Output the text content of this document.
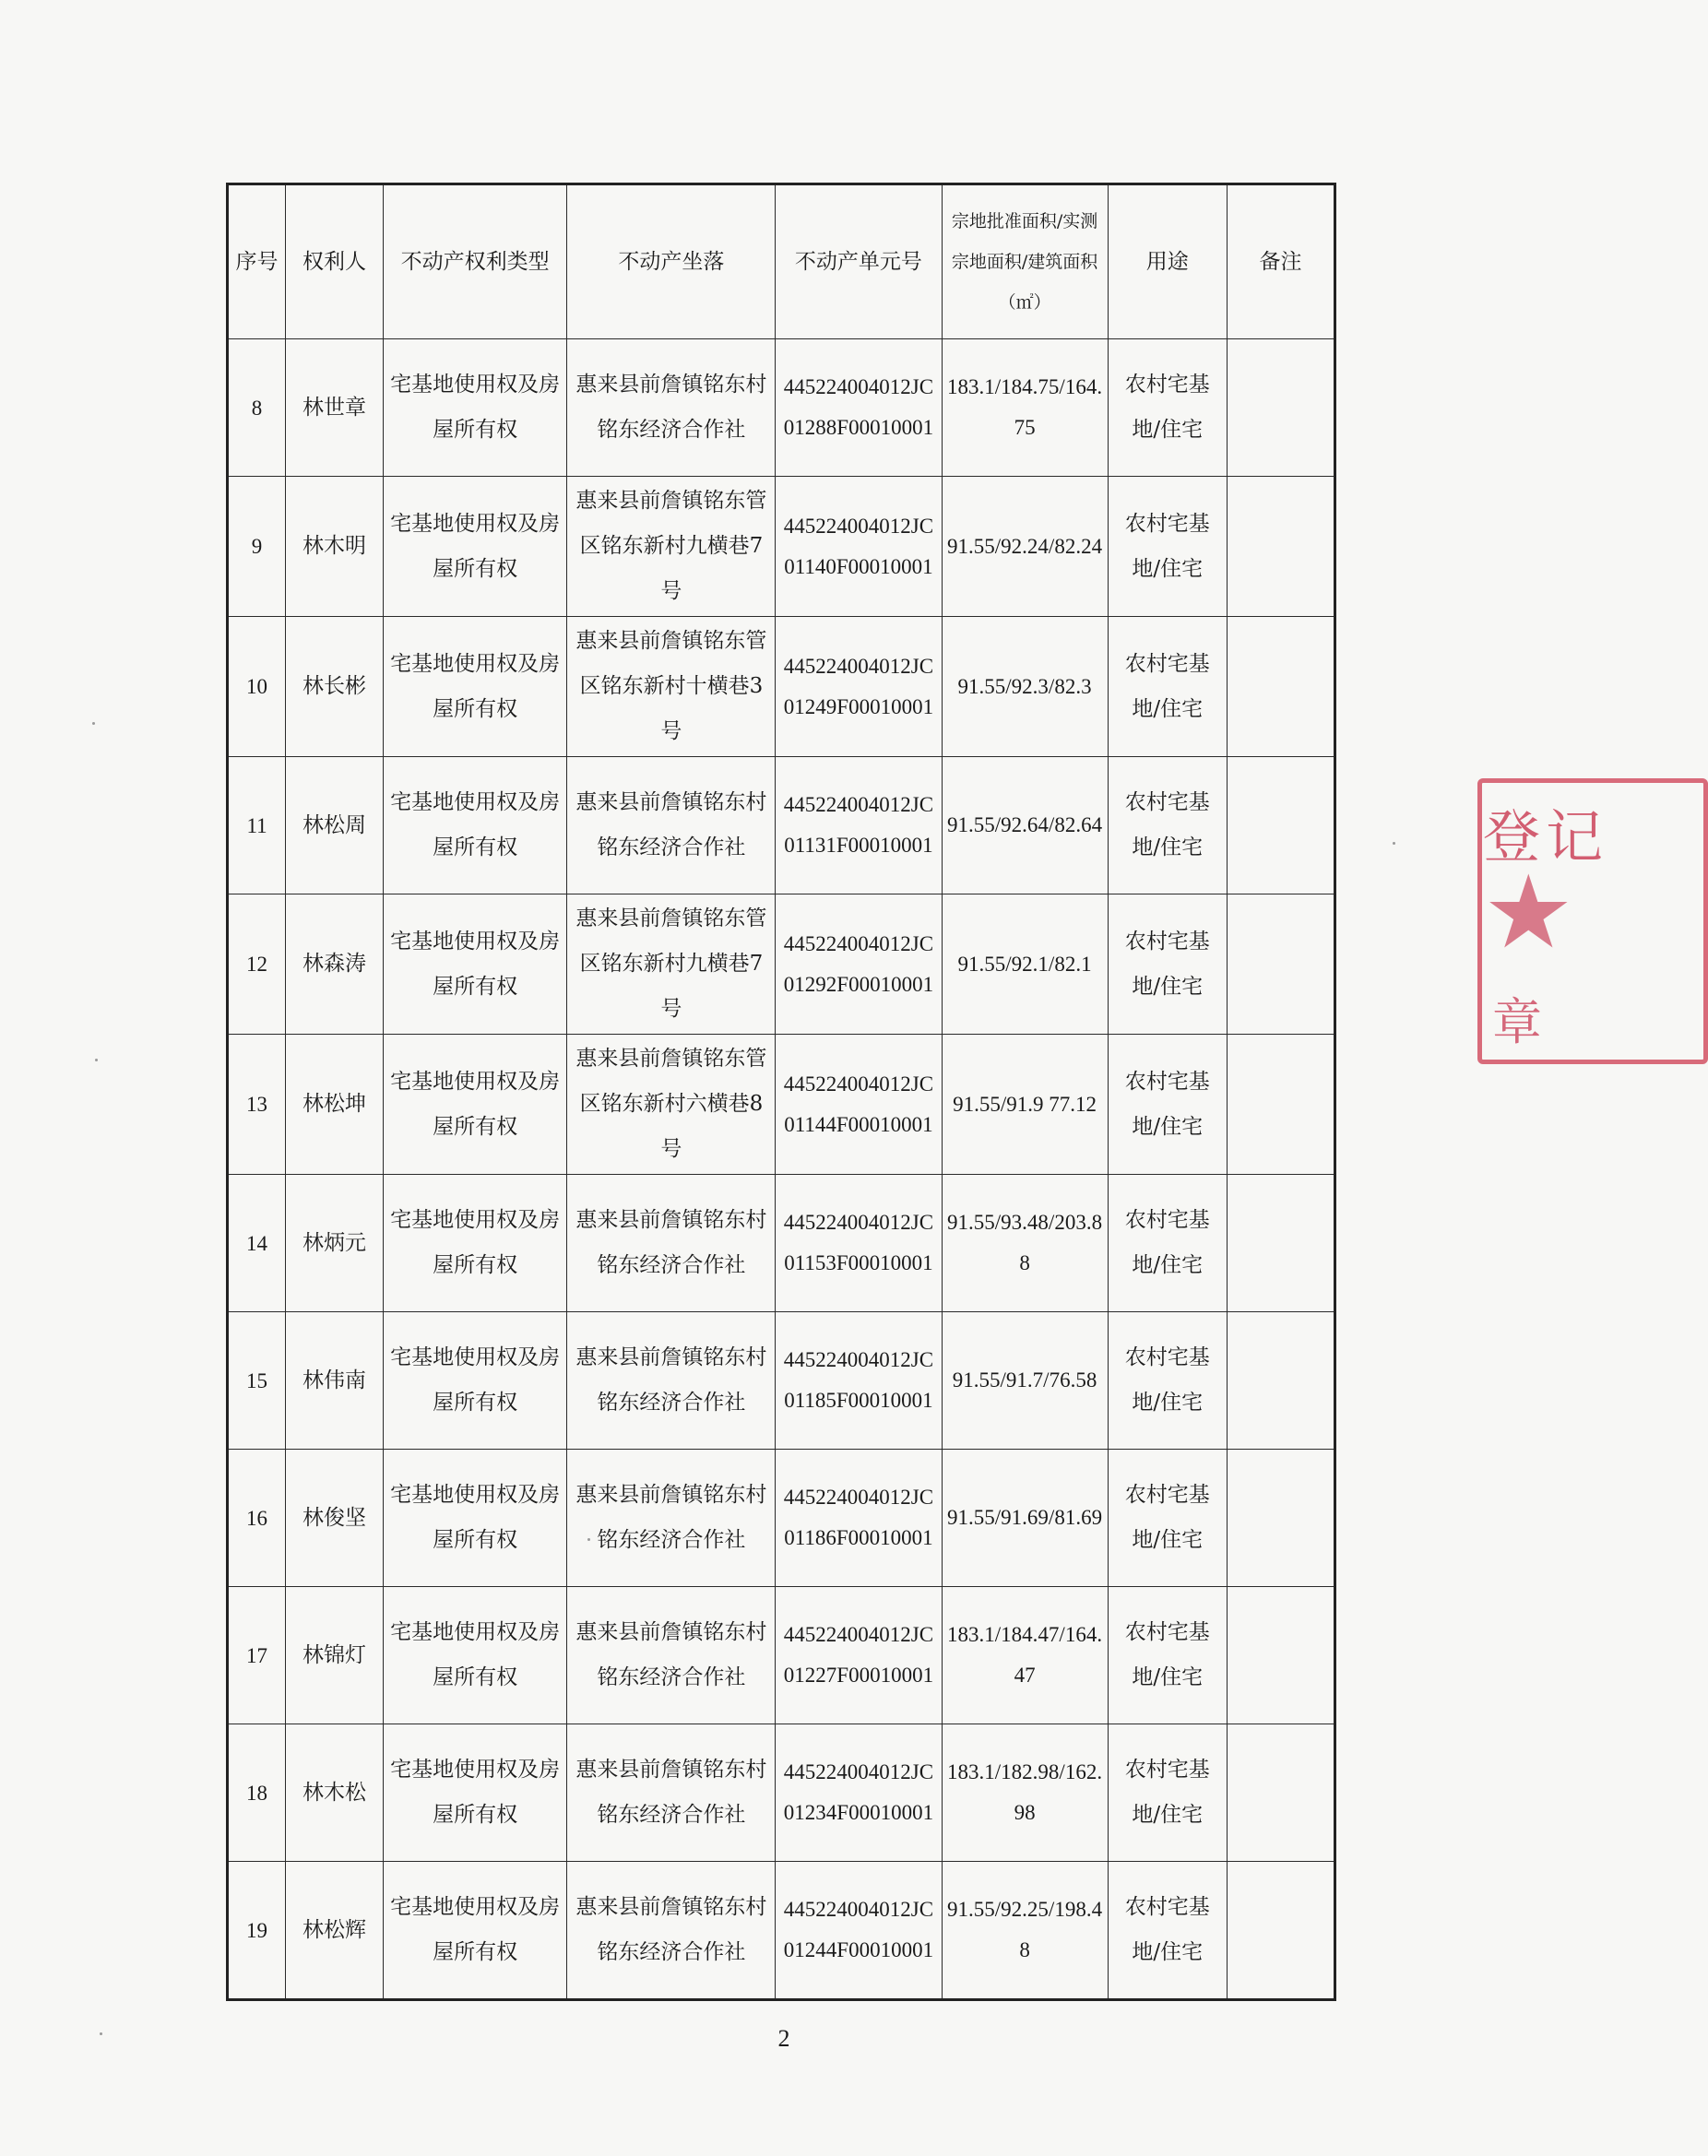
序号	权利人	不动产权利类型	不动产坐落	不动产单元号	宗地批准面积/实测宗地面积/建筑面积（㎡）	用途	备注
8	林世章	宅基地使用权及房屋所有权	惠来县前詹镇铭东村铭东经济合作社	445224004012JC01288F00010001	183.1/184.75/164.75	农村宅基地/住宅	
9	林木明	宅基地使用权及房屋所有权	惠来县前詹镇铭东管区铭东新村九横巷7号	445224004012JC01140F00010001	91.55/92.24/82.24	农村宅基地/住宅	
10	林长彬	宅基地使用权及房屋所有权	惠来县前詹镇铭东管区铭东新村十横巷3号	445224004012JC01249F00010001	91.55/92.3/82.3	农村宅基地/住宅	
11	林松周	宅基地使用权及房屋所有权	惠来县前詹镇铭东村铭东经济合作社	445224004012JC01131F00010001	91.55/92.64/82.64	农村宅基地/住宅	
12	林森涛	宅基地使用权及房屋所有权	惠来县前詹镇铭东管区铭东新村九横巷7号	445224004012JC01292F00010001	91.55/92.1/82.1	农村宅基地/住宅	
13	林松坤	宅基地使用权及房屋所有权	惠来县前詹镇铭东管区铭东新村六横巷8号	445224004012JC01144F00010001	91.55/91.9 77.12	农村宅基地/住宅	
14	林炳元	宅基地使用权及房屋所有权	惠来县前詹镇铭东村铭东经济合作社	445224004012JC01153F00010001	91.55/93.48/203.88	农村宅基地/住宅	
15	林伟南	宅基地使用权及房屋所有权	惠来县前詹镇铭东村铭东经济合作社	445224004012JC01185F00010001	91.55/91.7/76.58	农村宅基地/住宅	
16	林俊坚	宅基地使用权及房屋所有权	惠来县前詹镇铭东村铭东经济合作社	445224004012JC01186F00010001	91.55/91.69/81.69	农村宅基地/住宅	
17	林锦灯	宅基地使用权及房屋所有权	惠来县前詹镇铭东村铭东经济合作社	445224004012JC01227F00010001	183.1/184.47/164.47	农村宅基地/住宅	
18	林木松	宅基地使用权及房屋所有权	惠来县前詹镇铭东村铭东经济合作社	445224004012JC01234F00010001	183.1/182.98/162.98	农村宅基地/住宅	
19	林松辉	宅基地使用权及房屋所有权	惠来县前詹镇铭东村铭东经济合作社	445224004012JC01244F00010001	91.55/92.25/198.48	农村宅基地/住宅	
2
登记
★
章
